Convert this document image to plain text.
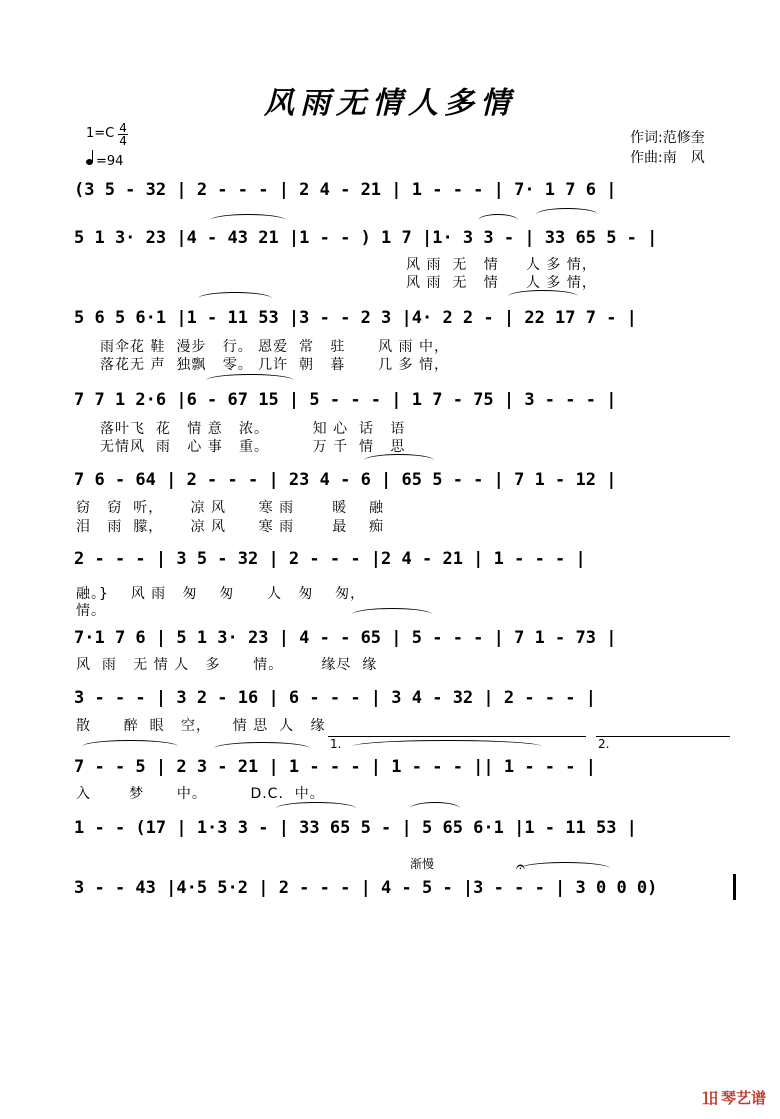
风雨无情人多情
$1=C \frac{4}{4}$
=94
作词:范修奎
作曲:南　风
(3 5 - 32 | 2 - - - | 2 4 - 21 | 1 - - - | 7· 1 7 6 |
5 1 3· 23 |4 - 43 21 |1 - - ) 1 7 |1· 3 3 - | 33 65 5 - |
风 雨  无   情     人 多 情，
风 雨  无   情     人 多 情，
5 6 5 6·1 |1 - 11 53 |3 - - 2 3 |4· 2 2 - | 22 17 7 - |
雨伞花 鞋  漫步   行。 恩爱  常   驻      风 雨 中，
落花无 声  独飘   零。 几许  朝   暮      几 多 情，
7 7 1 2·6 |6 - 67 15 | 5 - - - | 1 7 - 75 | 3 - - - |
落叶飞  花   情 意   浓。        知 心  话   语
无情风  雨   心 事   重。        万 千  情   思
7 6 - 64 | 2 - - - | 23 4 - 6 | 65 5 - - | 7 1 - 12 |
窃   窃  听，     凉 风      寒 雨       暖    融
泪   雨  朦，     凉 风      寒 雨       最    痴
2 - - - | 3 5 - 32 | 2 - - - |2 4 - 21 | 1 - - - |
融。}    风 雨   匆    匆      人   匆    匆，
情。
7·1 7 6 | 5 1 3· 23 | 4 - - 65 | 5 - - - | 7 1 - 73 |
风  雨   无 情 人   多      情。       缘尽  缘
3 - - - | 3 2 - 16 | 6 - - - | 3 4 - 32 | 2 - - - |
散      醉  眼   空，    情 思  人   缘
1.	2.
7 - - 5 | 2 3 - 21 | 1 - - - | 1 - - - || 1 - - - |
入       梦      中。        D.C.  中。
1 - - (17 | 1·3 3 - | 33 65 5 - | 5 65 6·1 |1 - 11 53 |
渐慢	𝄐
3 - - 43 |4·5 5·2 | 2 - - - | 4 - 5 - |3 - - - | 3 0 0 0)
㏠ 琴艺谱
